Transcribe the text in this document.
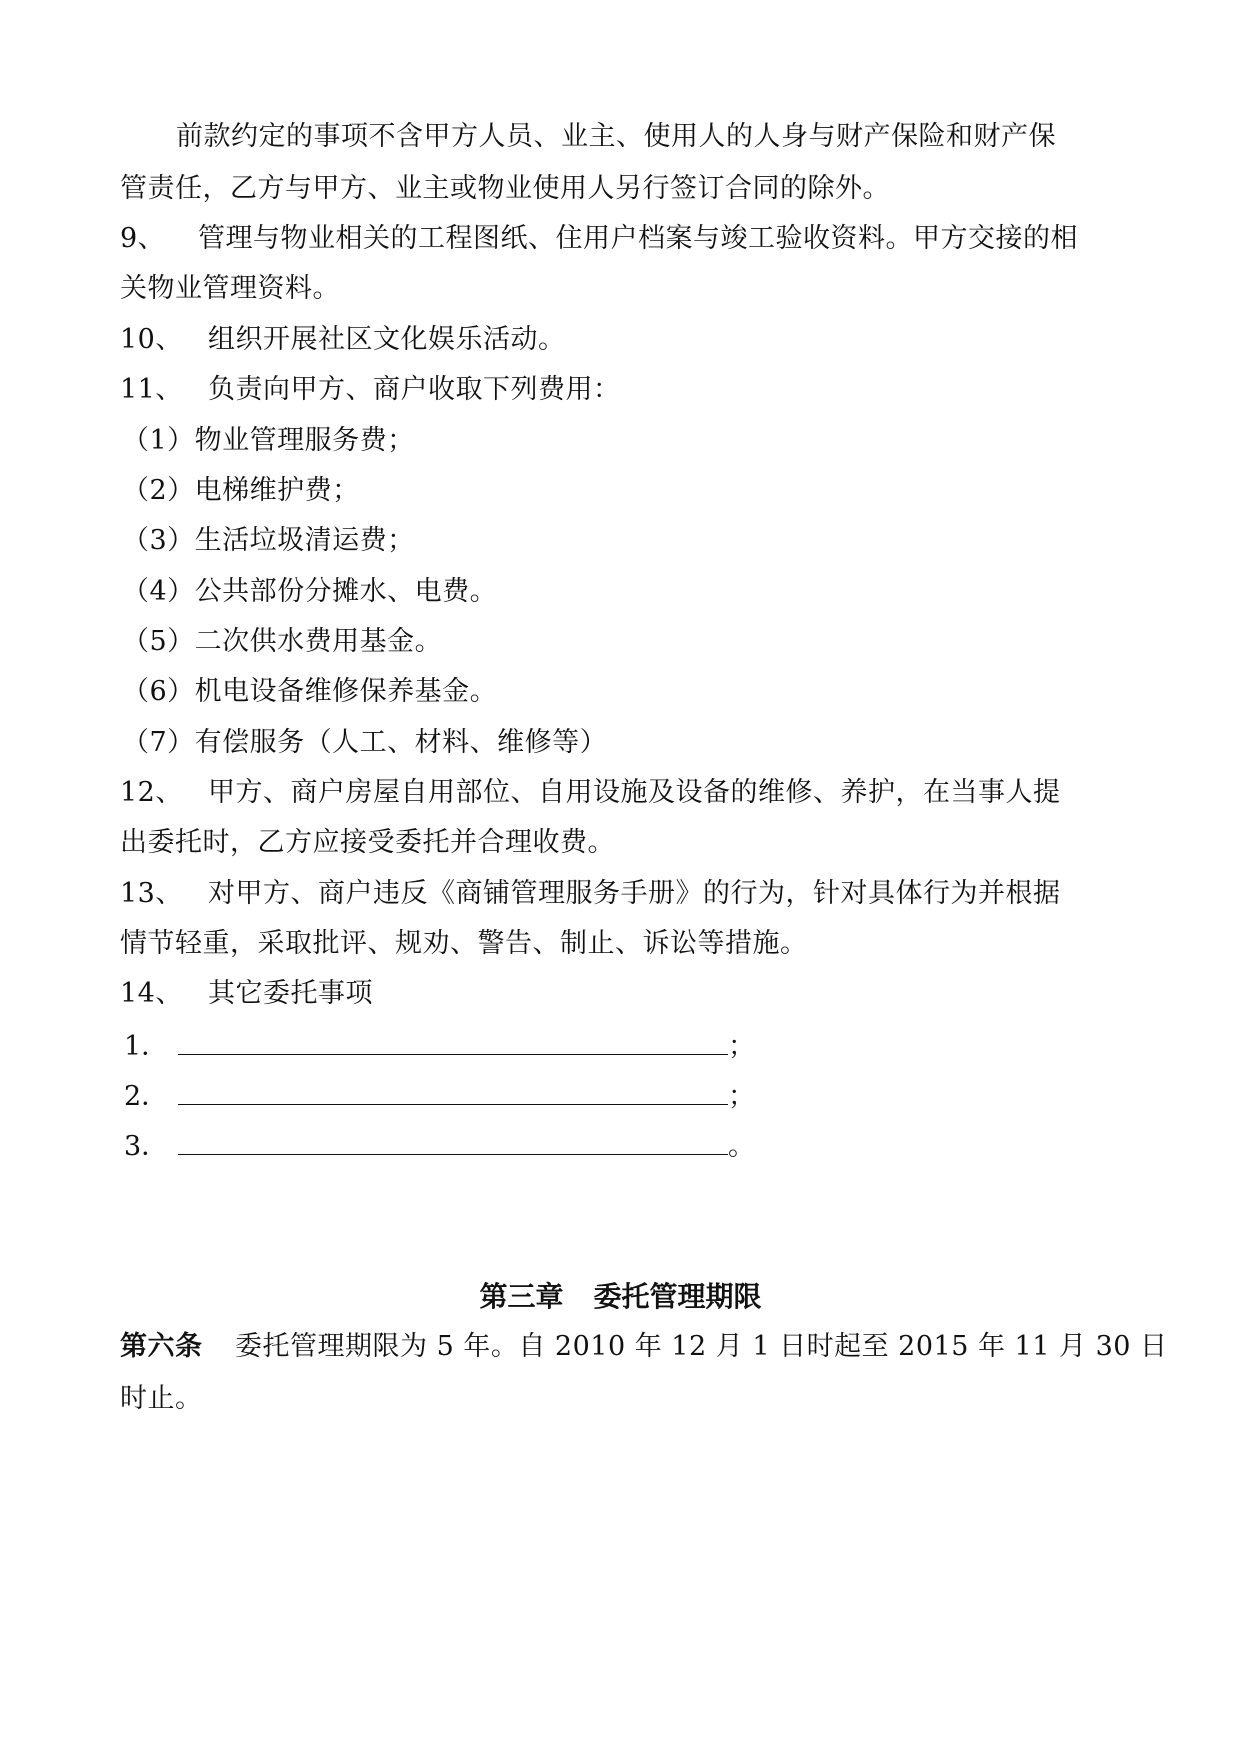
前款约定的事项不含甲方人员、业主、使用人的人身与财产保险和财产保
管责任，乙方与甲方、业主或物业使用人另行签订合同的除外。
9、 管理与物业相关的工程图纸、住用户档案与竣工验收资料。甲方交接的相
关物业管理资料。
10、 组织开展社区文化娱乐活动。
11、 负责向甲方、商户收取下列费用：
（1）物业管理服务费；
（2）电梯维护费；
（3）生活垃圾清运费；
（4）公共部份分摊水、电费。
（5）二次供水费用基金。
（6）机电设备维修保养基金。
（7）有偿服务（人工、材料、维修等）
12、 甲方、商户房屋自用部位、自用设施及设备的维修、养护，在当事人提
出委托时，乙方应接受委托并合理收费。
13、 对甲方、商户违反《商铺管理服务手册》的行为，针对具体行为并根据
情节轻重，采取批评、规劝、警告、制止、诉讼等措施。
14、 其它委托事项
1．	；
2．	；
3．	。
第三章 委托管理期限
第六条 委托管理期限为 5 年。自 2010 年 12 月 1 日时起至 2015 年 11 月 30 日
时止。
